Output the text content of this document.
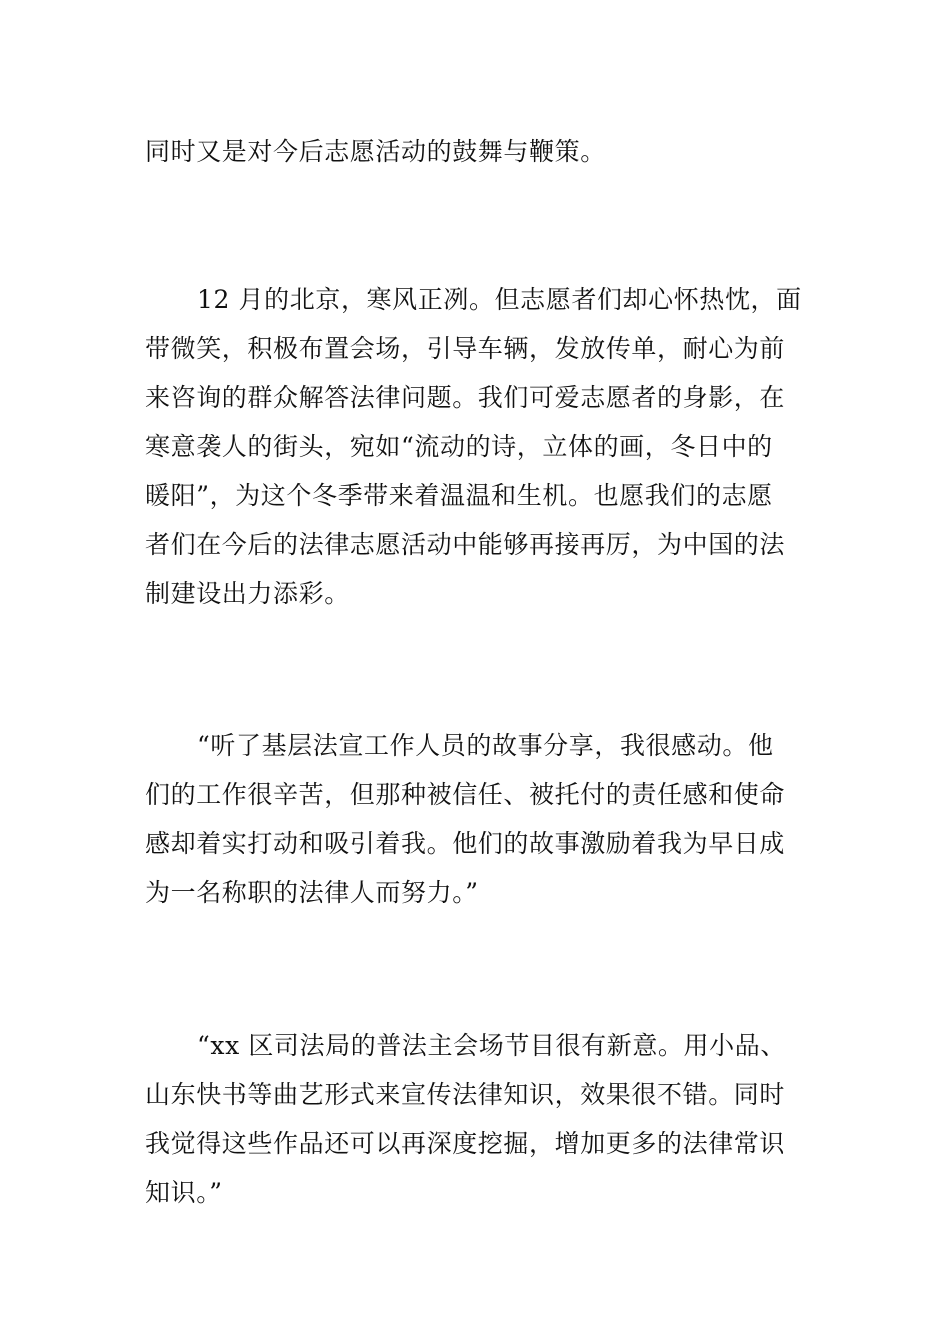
同时又是对今后志愿活动的鼓舞与鞭策。
12 月的北京，寒风正冽。但志愿者们却心怀热忱，面
带微笑，积极布置会场，引导车辆，发放传单，耐心为前
来咨询的群众解答法律问题。我们可爱志愿者的身影，在
寒意袭人的街头，宛如“流动的诗，立体的画，冬日中的
暖阳”，为这个冬季带来着温温和生机。也愿我们的志愿
者们在今后的法律志愿活动中能够再接再厉，为中国的法
制建设出力添彩。
“听了基层法宣工作人员的故事分享，我很感动。他
们的工作很辛苦，但那种被信任、被托付的责任感和使命
感却着实打动和吸引着我。他们的故事激励着我为早日成
为一名称职的法律人而努力。”
“xx 区司法局的普法主会场节目很有新意。用小品、
山东快书等曲艺形式来宣传法律知识，效果很不错。同时
我觉得这些作品还可以再深度挖掘，增加更多的法律常识
知识。”
